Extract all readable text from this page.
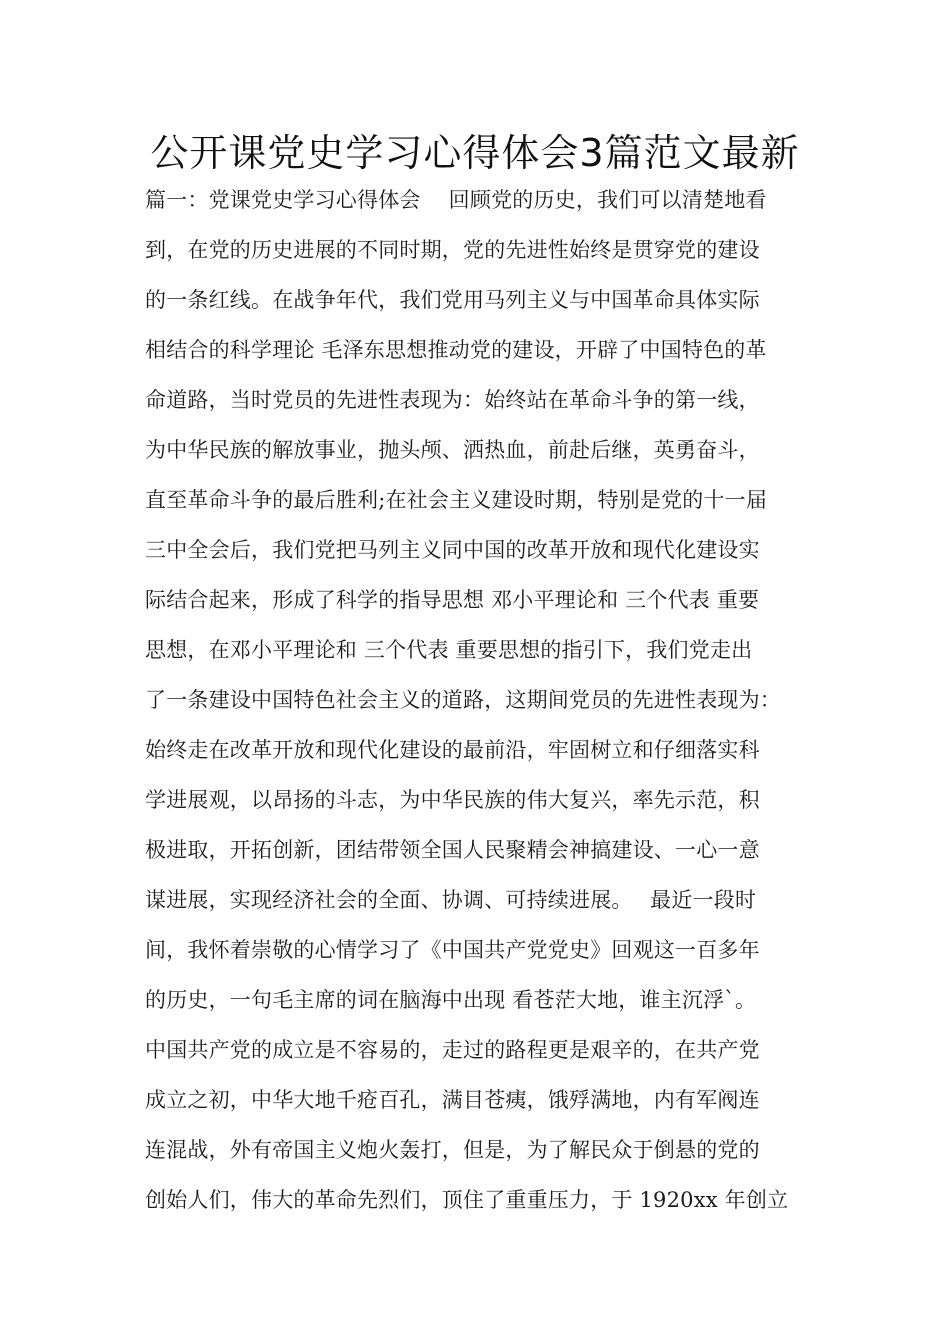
公开课党史学习心得体会3篇范文最新
篇一：党课党史学习心得体会　 回顾党的历史，我们可以清楚地看
到，在党的历史进展的不同时期，党的先进性始终是贯穿党的建设
的一条红线。在战争年代，我们党用马列主义与中国革命具体实际
相结合的科学理论 毛泽东思想推动党的建设，开辟了中国特色的革
命道路，当时党员的先进性表现为：始终站在革命斗争的第一线，
为中华民族的解放事业，抛头颅、洒热血，前赴后继，英勇奋斗，
直至革命斗争的最后胜利;在社会主义建设时期，特别是党的十一届
三中全会后，我们党把马列主义同中国的改革开放和现代化建设实
际结合起来，形成了科学的指导思想 邓小平理论和 三个代表 重要
思想，在邓小平理论和 三个代表 重要思想的指引下，我们党走出
了一条建设中国特色社会主义的道路，这期间党员的先进性表现为：
始终走在改革开放和现代化建设的最前沿，牢固树立和仔细落实科
学进展观，以昂扬的斗志，为中华民族的伟大复兴，率先示范，积
极进取，开拓创新，团结带领全国人民聚精会神搞建设、一心一意
谋进展，实现经济社会的全面、协调、可持续进展。　 最近一段时
间，我怀着崇敬的心情学习了《中国共产党党史》回观这一百多年
的历史，一句毛主席的词在脑海中出现 看苍茫大地，谁主沉浮`。
中国共产党的成立是不容易的，走过的路程更是艰辛的，在共产党
成立之初，中华大地千疮百孔，满目苍痍，饿殍满地，内有军阀连
连混战，外有帝国主义炮火轰打，但是，为了解民众于倒悬的党的
创始人们，伟大的革命先烈们，顶住了重重压力，于 1920xx 年创立
